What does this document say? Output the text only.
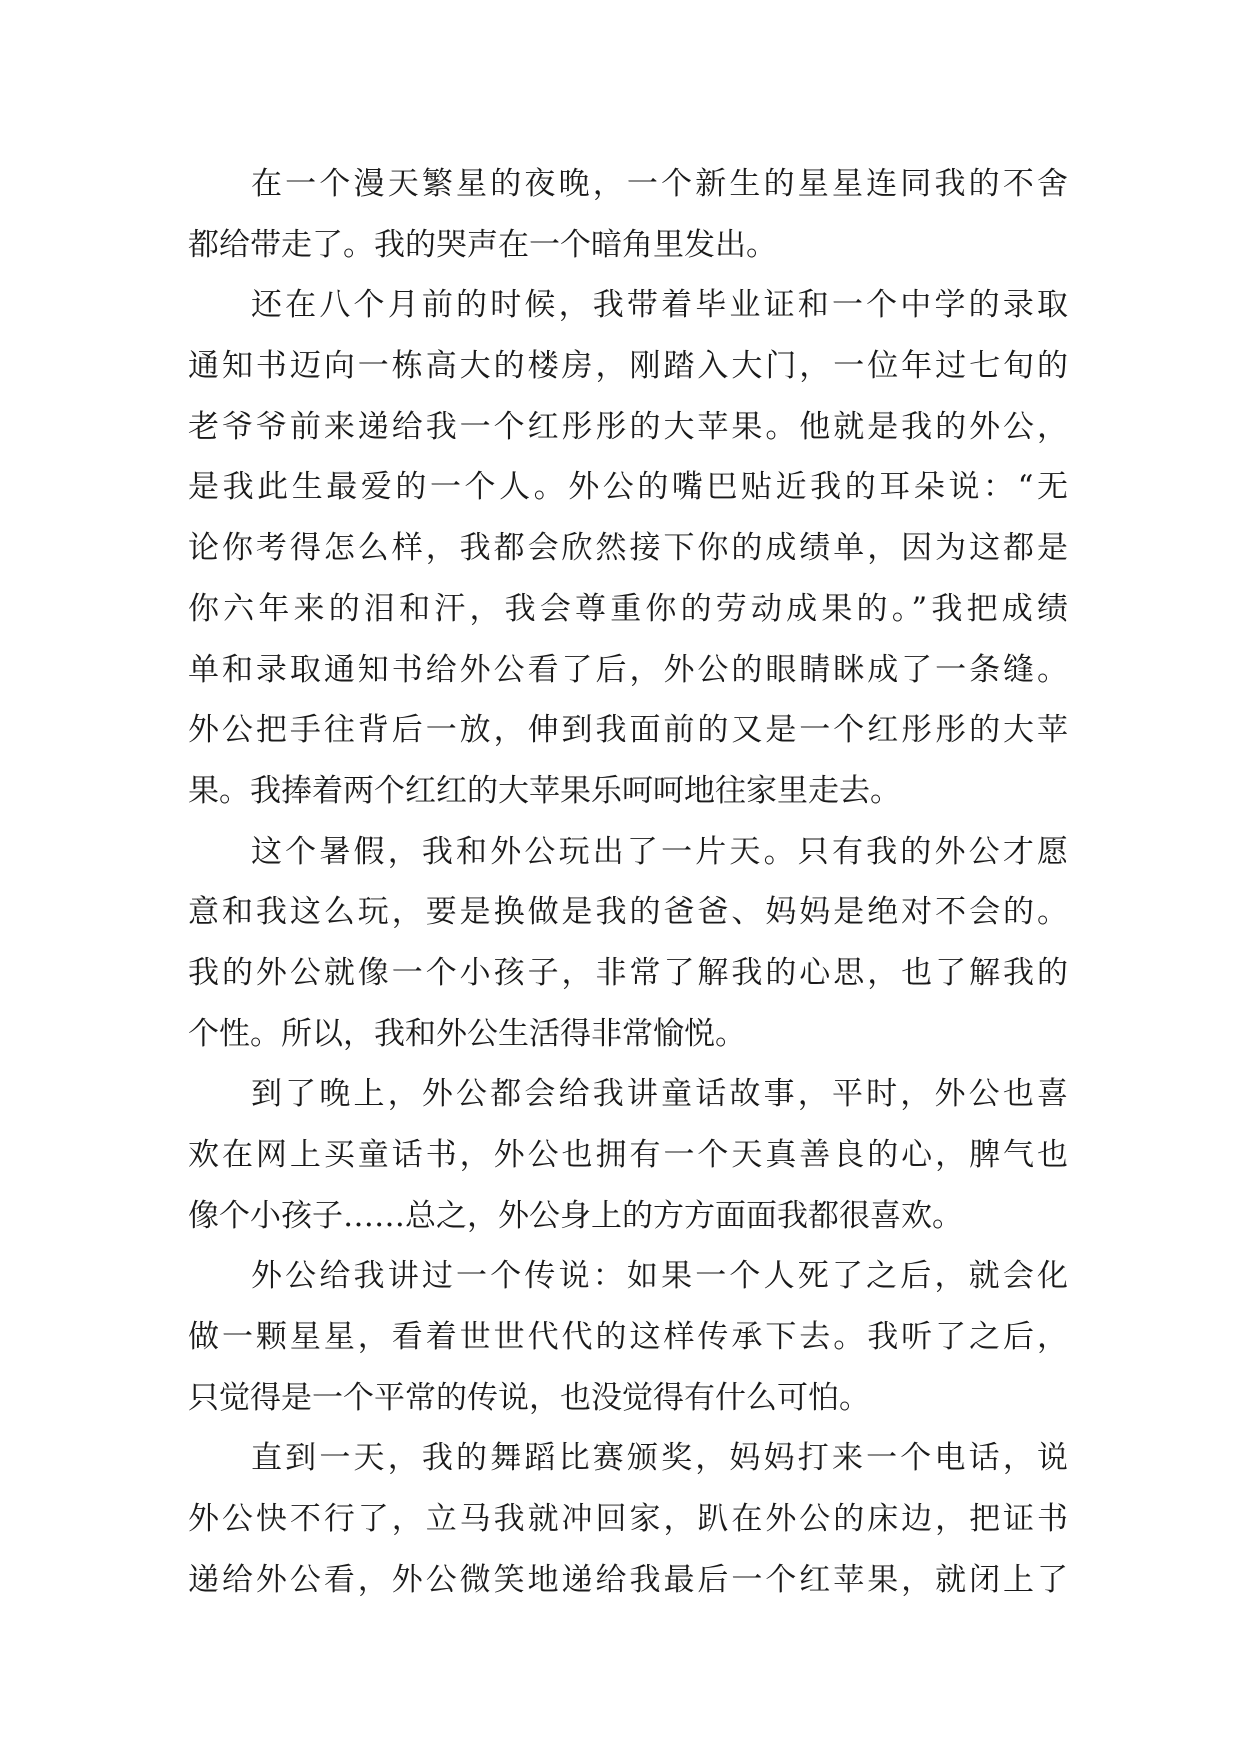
在一个漫天繁星的夜晚，一个新生的星星连同我的不舍
都给带走了。我的哭声在一个暗角里发出。
还在八个月前的时候，我带着毕业证和一个中学的录取
通知书迈向一栋高大的楼房，刚踏入大门，一位年过七旬的
老爷爷前来递给我一个红彤彤的大苹果。他就是我的外公，
是我此生最爱的一个人。外公的嘴巴贴近我的耳朵说：“无
论你考得怎么样，我都会欣然接下你的成绩单，因为这都是
你六年来的泪和汗，我会尊重你的劳动成果的。”我把成绩
单和录取通知书给外公看了后，外公的眼睛眯成了一条缝。
外公把手往背后一放，伸到我面前的又是一个红彤彤的大苹
果。我捧着两个红红的大苹果乐呵呵地往家里走去。
这个暑假，我和外公玩出了一片天。只有我的外公才愿
意和我这么玩，要是换做是我的爸爸、妈妈是绝对不会的。
我的外公就像一个小孩子，非常了解我的心思，也了解我的
个性。所以，我和外公生活得非常愉悦。
到了晚上，外公都会给我讲童话故事，平时，外公也喜
欢在网上买童话书，外公也拥有一个天真善良的心，脾气也
像个小孩子……总之，外公身上的方方面面我都很喜欢。
外公给我讲过一个传说：如果一个人死了之后，就会化
做一颗星星，看着世世代代的这样传承下去。我听了之后，
只觉得是一个平常的传说，也没觉得有什么可怕。
直到一天，我的舞蹈比赛颁奖，妈妈打来一个电话，说
外公快不行了，立马我就冲回家，趴在外公的床边，把证书
递给外公看，外公微笑地递给我最后一个红苹果，就闭上了
